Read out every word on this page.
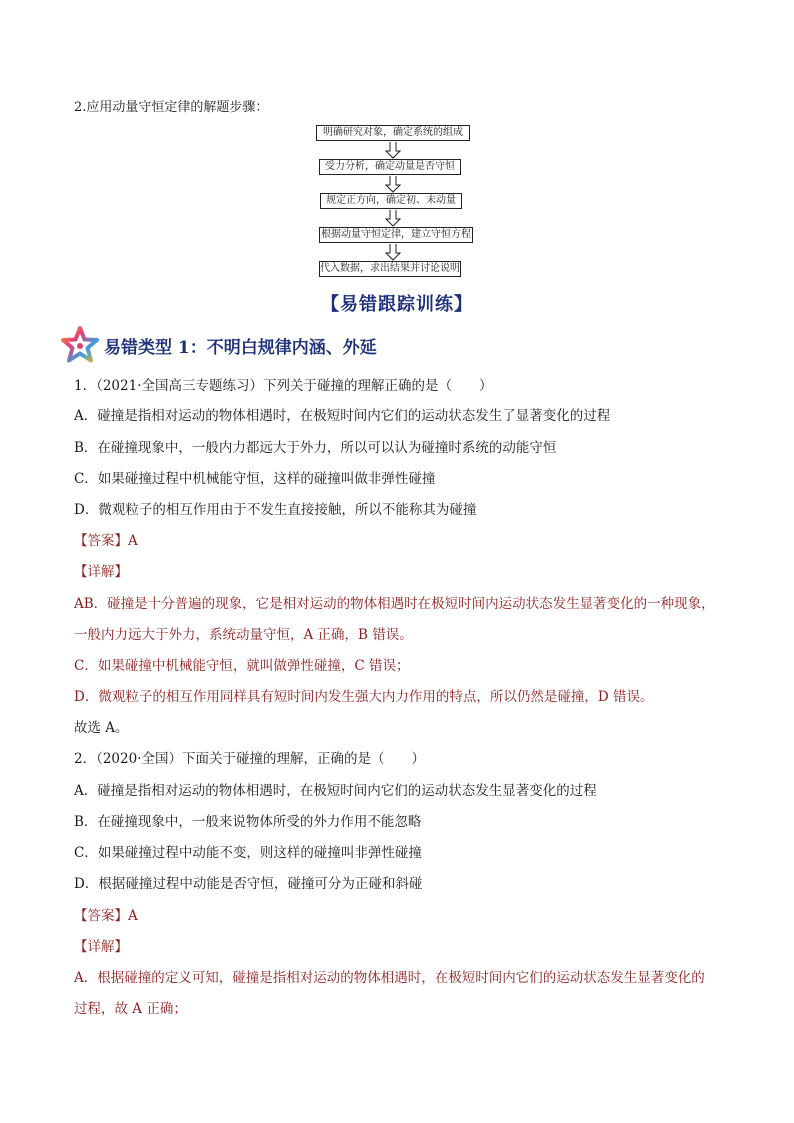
2.应用动量守恒定律的解题步骤：
明确研究对象，确定系统的组成
受力分析，确定动量是否守恒
规定正方向，确定初、末动量
根据动量守恒定律，建立守恒方程
代入数据，求出结果并讨论说明
【易错跟踪训练】
易错类型 1：不明白规律内涵、外延
1．（2021·全国高三专题练习）下列关于碰撞的理解正确的是（　　）
A．碰撞是指相对运动的物体相遇时，在极短时间内它们的运动状态发生了显著变化的过程
B．在碰撞现象中，一般内力都远大于外力，所以可以认为碰撞时系统的动能守恒
C．如果碰撞过程中机械能守恒，这样的碰撞叫做非弹性碰撞
D．微观粒子的相互作用由于不发生直接接触，所以不能称其为碰撞
【答案】A
【详解】
AB．碰撞是十分普遍的现象，它是相对运动的物体相遇时在极短时间内运动状态发生显著变化的一种现象，
一般内力远大于外力，系统动量守恒，A 正确，B 错误。
C．如果碰撞中机械能守恒，就叫做弹性碰撞，C 错误；
D．微观粒子的相互作用同样具有短时间内发生强大内力作用的特点，所以仍然是碰撞，D 错误。
故选 A。
2．（2020·全国）下面关于碰撞的理解，正确的是（　　）
A．碰撞是指相对运动的物体相遇时，在极短时间内它们的运动状态发生显著变化的过程
B．在碰撞现象中，一般来说物体所受的外力作用不能忽略
C．如果碰撞过程中动能不变，则这样的碰撞叫非弹性碰撞
D．根据碰撞过程中动能是否守恒，碰撞可分为正碰和斜碰
【答案】A
【详解】
A．根据碰撞的定义可知，碰撞是指相对运动的物体相遇时，在极短时间内它们的运动状态发生显著变化的
过程，故 A 正确；
